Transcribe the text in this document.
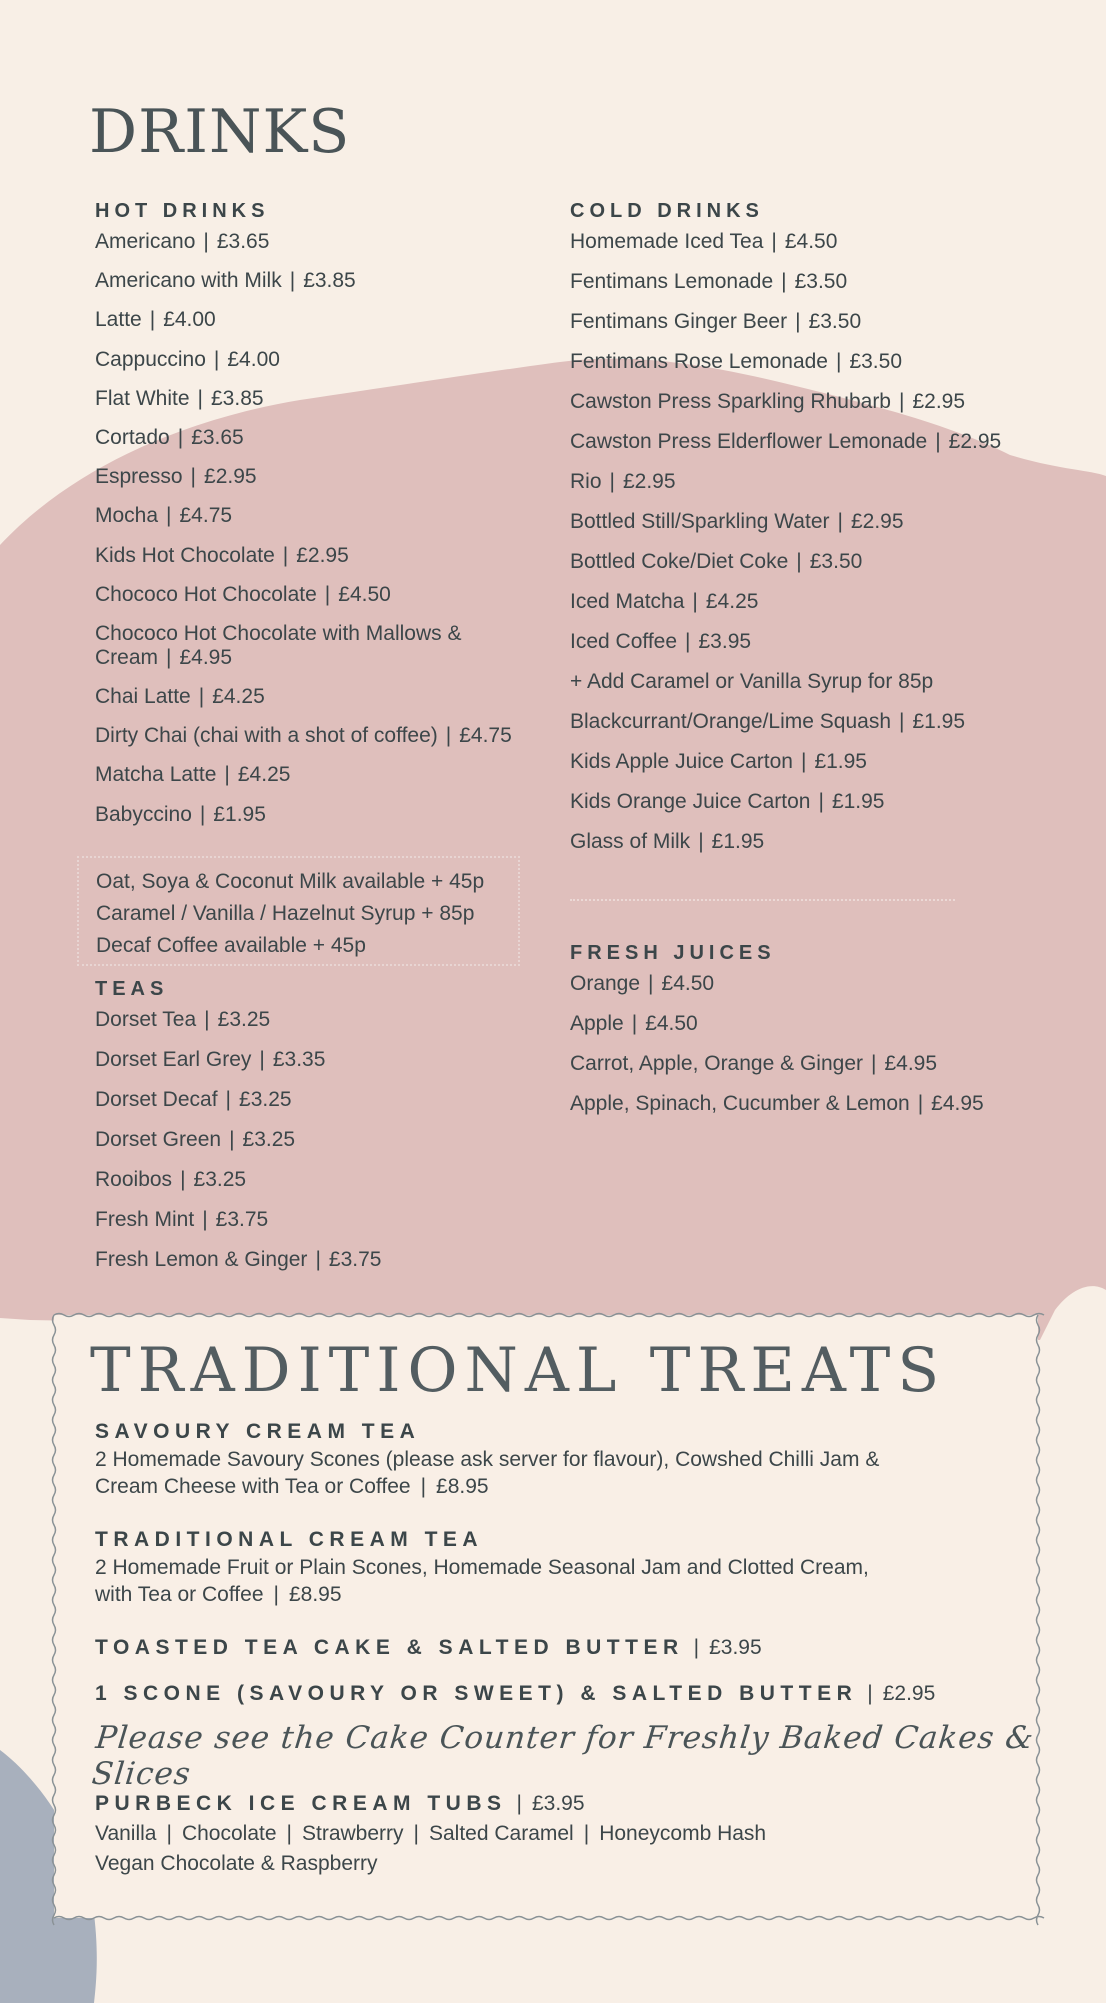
DRINKS
HOT DRINKS
Americano | £3.65
Americano with Milk | £3.85
Latte | £4.00
Cappuccino | £4.00
Flat White | £3.85
Cortado | £3.65
Espresso | £2.95
Mocha | £4.75
Kids Hot Chocolate | £2.95
Chococo Hot Chocolate | £4.50
Chococo Hot Chocolate with Mallows & Cream | £4.95
Chai Latte | £4.25
Dirty Chai (chai with a shot of coffee) | £4.75
Matcha Latte | £4.25
Babyccino | £1.95
Oat, Soya & Coconut Milk available + 45p
Caramel / Vanilla / Hazelnut Syrup + 85p
Decaf Coffee available + 45p
TEAS
Dorset Tea | £3.25
Dorset Earl Grey | £3.35
Dorset Decaf | £3.25
Dorset Green | £3.25
Rooibos | £3.25
Fresh Mint | £3.75
Fresh Lemon & Ginger | £3.75
COLD DRINKS
Homemade Iced Tea | £4.50
Fentimans Lemonade | £3.50
Fentimans Ginger Beer | £3.50
Fentimans Rose Lemonade | £3.50
Cawston Press Sparkling Rhubarb | £2.95
Cawston Press Elderflower Lemonade | £2.95
Rio | £2.95
Bottled Still/Sparkling Water | £2.95
Bottled Coke/Diet Coke | £3.50
Iced Matcha | £4.25
Iced Coffee | £3.95
+ Add Caramel or Vanilla Syrup for 85p
Blackcurrant/Orange/Lime Squash | £1.95
Kids Apple Juice Carton | £1.95
Kids Orange Juice Carton | £1.95
Glass of Milk | £1.95
FRESH JUICES
Orange | £4.50
Apple | £4.50
Carrot, Apple, Orange & Ginger | £4.95
Apple, Spinach, Cucumber & Lemon | £4.95
TRADITIONAL TREATS
SAVOURY CREAM TEA
2 Homemade Savoury Scones (please ask server for flavour), Cowshed Chilli Jam &
Cream Cheese with Tea or Coffee | £8.95
TRADITIONAL CREAM TEA
2 Homemade Fruit or Plain Scones, Homemade Seasonal Jam and Clotted Cream,
with Tea or Coffee | £8.95
TOASTED TEA CAKE & SALTED BUTTER | £3.95
1 SCONE (SAVOURY OR SWEET) & SALTED BUTTER | £2.95
Please see the Cake Counter for Freshly Baked Cakes & Slices
PURBECK ICE CREAM TUBS | £3.95
Vanilla | Chocolate | Strawberry | Salted Caramel | Honeycomb Hash
Vegan Chocolate & Raspberry
